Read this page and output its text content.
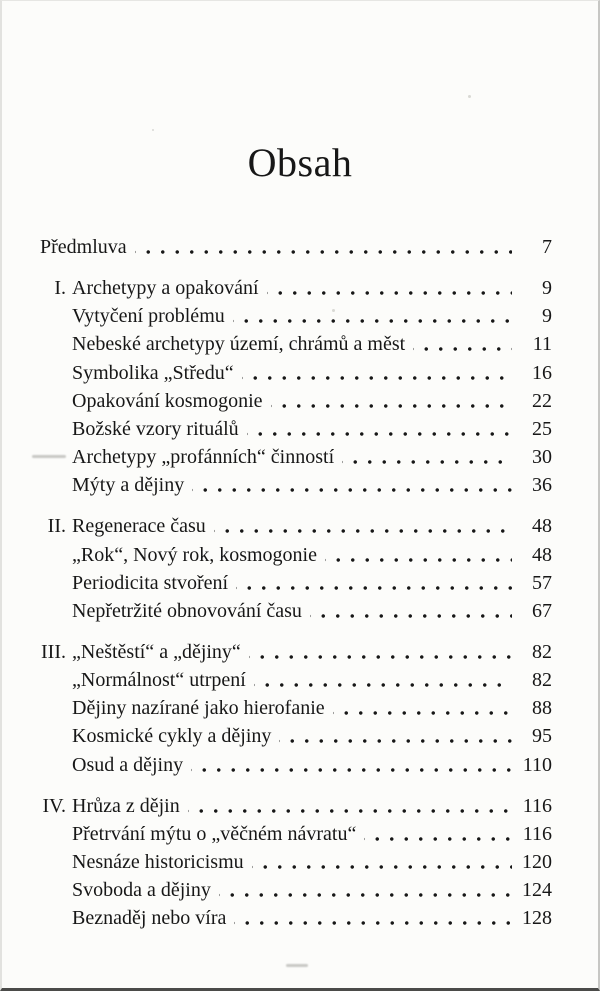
Obsah
Předmluva	7
I. Archetypy a opakování	9
Vytyčení problému	9
Nebeské archetypy území, chrámů a měst	11
Symbolika „Středu“	16
Opakování kosmogonie	22
Božské vzory rituálů	25
Archetypy „profánních“ činností	30
Mýty a dějiny	36
II. Regenerace času	48
„Rok“, Nový rok, kosmogonie	48
Periodicita stvoření	57
Nepřetržité obnovování času	67
III. „Neštěstí“ a „dějiny“	82
„Normálnost“ utrpení	82
Dějiny nazírané jako hierofanie	88
Kosmické cykly a dějiny	95
Osud a dějiny	110
IV. Hrůza z dějin	116
Přetrvání mýtu o „věčném návratu“	116
Nesnáze historicismu	120
Svoboda a dějiny	124
Beznaděj nebo víra	128
